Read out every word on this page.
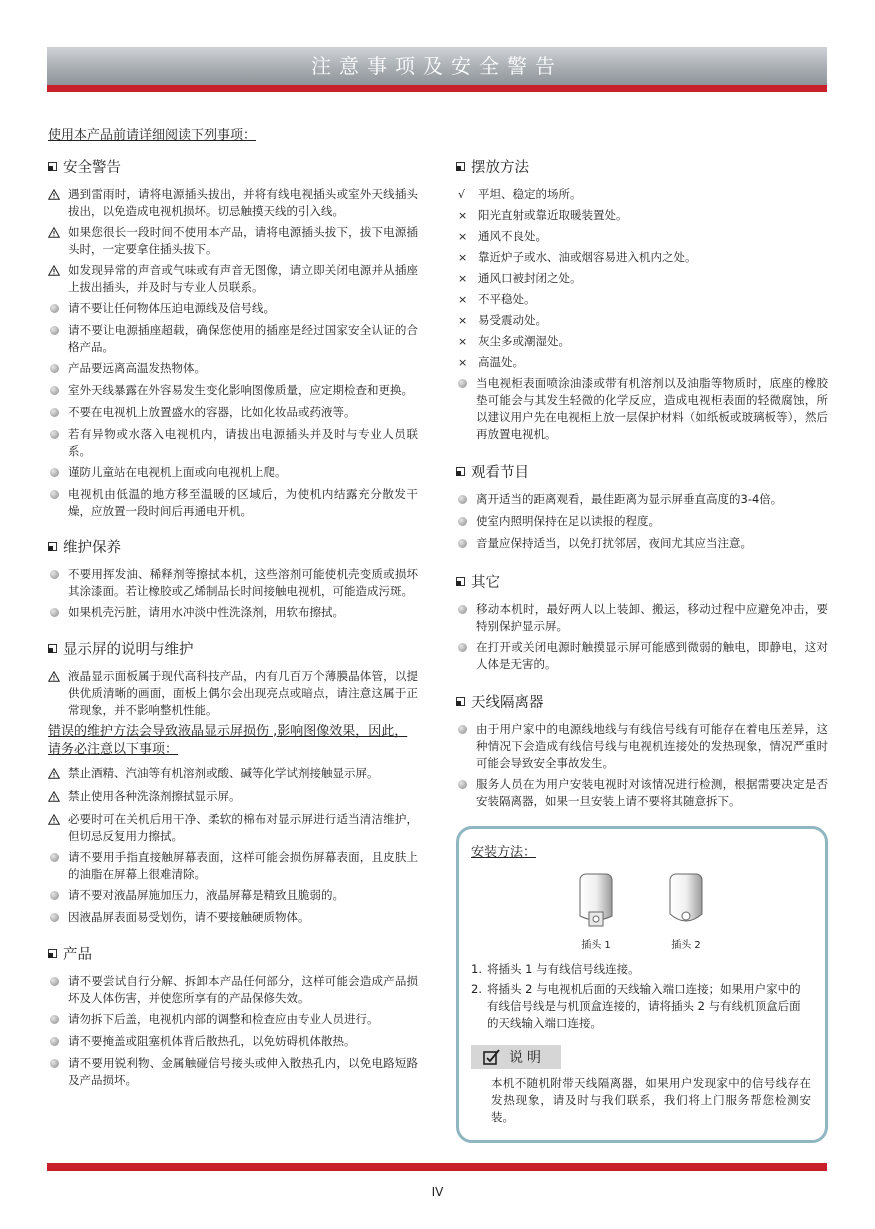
注意事项及安全警告
使用本产品前请详细阅读下列事项：
安全警告
遇到雷雨时，请将电源插头拔出，并将有线电视插头或室外天线插头拔出，以免造成电视机损坏。切忌触摸天线的引入线。
如果您很长一段时间不使用本产品，请将电源插头拔下，拔下电源插头时，一定要拿住插头拔下。
如发现异常的声音或气味或有声音无图像，请立即关闭电源并从插座上拔出插头，并及时与专业人员联系。
请不要让任何物体压迫电源线及信号线。
请不要让电源插座超载，确保您使用的插座是经过国家安全认证的合格产品。
产品要远离高温发热物体。
室外天线暴露在外容易发生变化影响图像质量，应定期检查和更换。
不要在电视机上放置盛水的容器，比如化妆品或药液等。
若有异物或水落入电视机内，请拔出电源插头并及时与专业人员联系。
谨防儿童站在电视机上面或向电视机上爬。
电视机由低温的地方移至温暖的区域后，为使机内结露充分散发干燥，应放置一段时间后再通电开机。
维护保养
不要用挥发油、稀释剂等擦拭本机，这些溶剂可能使机壳变质或损坏其涂漆面。若让橡胶或乙烯制品长时间接触电视机，可能造成污斑。
如果机壳污脏，请用水冲淡中性洗涤剂，用软布擦拭。
显示屏的说明与维护
液晶显示面板属于现代高科技产品，内有几百万个薄膜晶体管，以提供优质清晰的画面，面板上偶尔会出现亮点或暗点，请注意这属于正常现象，并不影响整机性能。
错误的维护方法会导致液晶显示屏损伤 ,影响图像效果，因此，请务必注意以下事项：
禁止酒精、汽油等有机溶剂或酸、碱等化学试剂接触显示屏。
禁止使用各种洗涤剂擦拭显示屏。
必要时可在关机后用干净、柔软的棉布对显示屏进行适当清洁维护，但切忌反复用力擦拭。
请不要用手指直接触屏幕表面，这样可能会损伤屏幕表面，且皮肤上的油脂在屏幕上很难清除。
请不要对液晶屏施加压力，液晶屏幕是精致且脆弱的。
因液晶屏表面易受划伤，请不要接触硬质物体。
产品
请不要尝试自行分解、拆卸本产品任何部分，这样可能会造成产品损坏及人体伤害，并使您所享有的产品保修失效。
请勿拆下后盖，电视机内部的调整和检查应由专业人员进行。
请不要掩盖或阻塞机体背后散热孔，以免妨碍机体散热。
请不要用锐利物、金属触碰信号接头或伸入散热孔内，以免电路短路及产品损坏。
摆放方法
√	平坦、稳定的场所。
× 阳光直射或靠近取暖装置处。
× 通风不良处。
× 靠近炉子或水、油或烟容易进入机内之处。
× 通风口被封闭之处。
× 不平稳处。
× 易受震动处。
× 灰尘多或潮湿处。
× 高温处。
当电视柜表面喷涂油漆或带有机溶剂以及油脂等物质时，底座的橡胶垫可能会与其发生轻微的化学反应，造成电视柜表面的轻微腐蚀，所以建议用户先在电视柜上放一层保护材料（如纸板或玻璃板等），然后再放置电视机。
观看节目
离开适当的距离观看，最佳距离为显示屏垂直高度的3-4倍。
使室内照明保持在足以读报的程度。
音量应保持适当，以免打扰邻居，夜间尤其应当注意。
其它
移动本机时，最好两人以上装卸、搬运，移动过程中应避免冲击，要特别保护显示屏。
在打开或关闭电源时触摸显示屏可能感到微弱的触电，即静电，这对人体是无害的。
天线隔离器
由于用户家中的电源线地线与有线信号线有可能存在着电压差异，这种情况下会造成有线信号线与电视机连接处的发热现象，情况严重时可能会导致安全事故发生。
服务人员在为用户安装电视时对该情况进行检测，根据需要决定是否安装隔离器，如果一旦安装上请不要将其随意拆下。
安装方法：
插头 1	插头 2
1. 将插头 1 与有线信号线连接。
2. 将插头 2 与电视机后面的天线输入端口连接；如果用户家中的有线信号线是与机顶盒连接的，请将插头 2 与有线机顶盒后面的天线输入端口连接。
说明
本机不随机附带天线隔离器，如果用户发现家中的信号线存在发热现象，请及时与我们联系，我们将上门服务帮您检测安装。
IV
